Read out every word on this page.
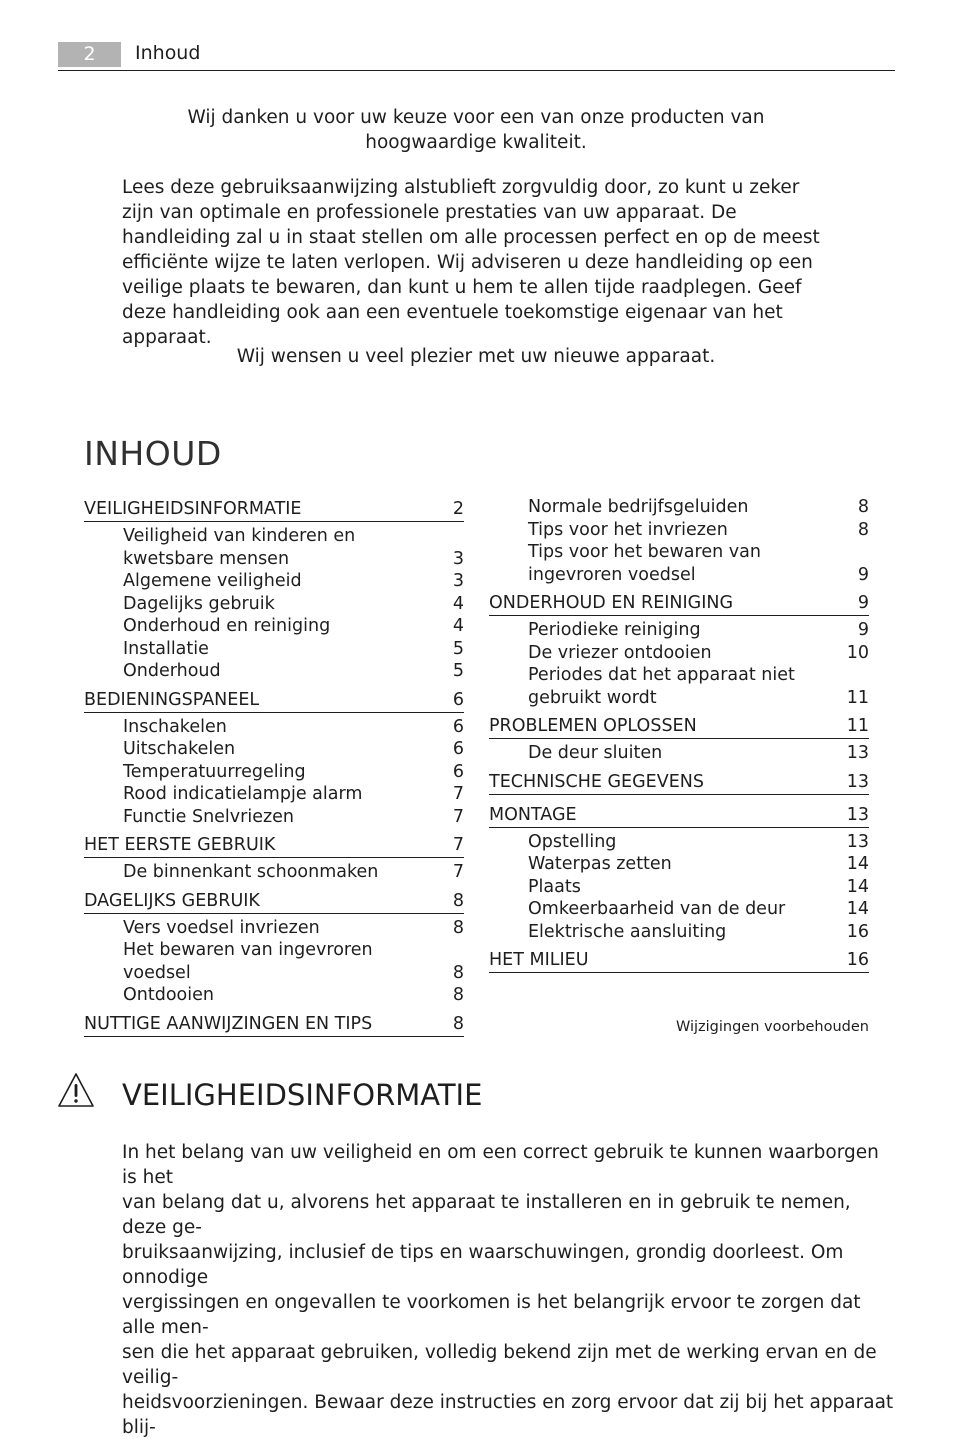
2	Inhoud
Wij danken u voor uw keuze voor een van onze producten van hoogwaardige kwaliteit.
Lees deze gebruiksaanwijzing alstublieft zorgvuldig door, zo kunt u zeker zijn van optimale en professionele prestaties van uw apparaat. De handleiding zal u in staat stellen om alle processen perfect en op de meest efficiënte wijze te laten verlopen. Wij adviseren u deze handleiding op een veilige plaats te bewaren, dan kunt u hem te allen tijde raadplegen. Geef deze handleiding ook aan een eventuele toekomstige eigenaar van het apparaat.
Wij wensen u veel plezier met uw nieuwe apparaat.
INHOUD
VEILIGHEIDSINFORMATIE	2
Veiligheid van kinderen en kwetsbare mensen	3
Algemene veiligheid	3
Dagelijks gebruik	4
Onderhoud en reiniging	4
Installatie	5
Onderhoud	5
BEDIENINGSPANEEL	6
Inschakelen	6
Uitschakelen	6
Temperatuurregeling	6
Rood indicatielampje alarm	7
Functie Snelvriezen	7
HET EERSTE GEBRUIK	7
De binnenkant schoonmaken	7
DAGELIJKS GEBRUIK	8
Vers voedsel invriezen	8
Het bewaren van ingevroren voedsel	8
Ontdooien	8
NUTTIGE AANWIJZINGEN EN TIPS	8
Normale bedrijfsgeluiden	8
Tips voor het invriezen	8
Tips voor het bewaren van ingevroren voedsel	9
ONDERHOUD EN REINIGING	9
Periodieke reiniging	9
De vriezer ontdooien	10
Periodes dat het apparaat niet gebruikt wordt	11
PROBLEMEN OPLOSSEN	11
De deur sluiten	13
TECHNISCHE GEGEVENS	13
MONTAGE	13
Opstelling	13
Waterpas zetten	14
Plaats	14
Omkeerbaarheid van de deur	14
Elektrische aansluiting	16
HET MILIEU	16
Wijzigingen voorbehouden
VEILIGHEIDSINFORMATIE
In het belang van uw veiligheid en om een correct gebruik te kunnen waarborgen is het
van belang dat u, alvorens het apparaat te installeren en in gebruik te nemen, deze ge-
bruiksaanwijzing, inclusief de tips en waarschuwingen, grondig doorleest. Om onnodige
vergissingen en ongevallen te voorkomen is het belangrijk ervoor te zorgen dat alle men-
sen die het apparaat gebruiken, volledig bekend zijn met de werking ervan en de veilig-
heidsvoorzieningen. Bewaar deze instructies en zorg ervoor dat zij bij het apparaat blij-
